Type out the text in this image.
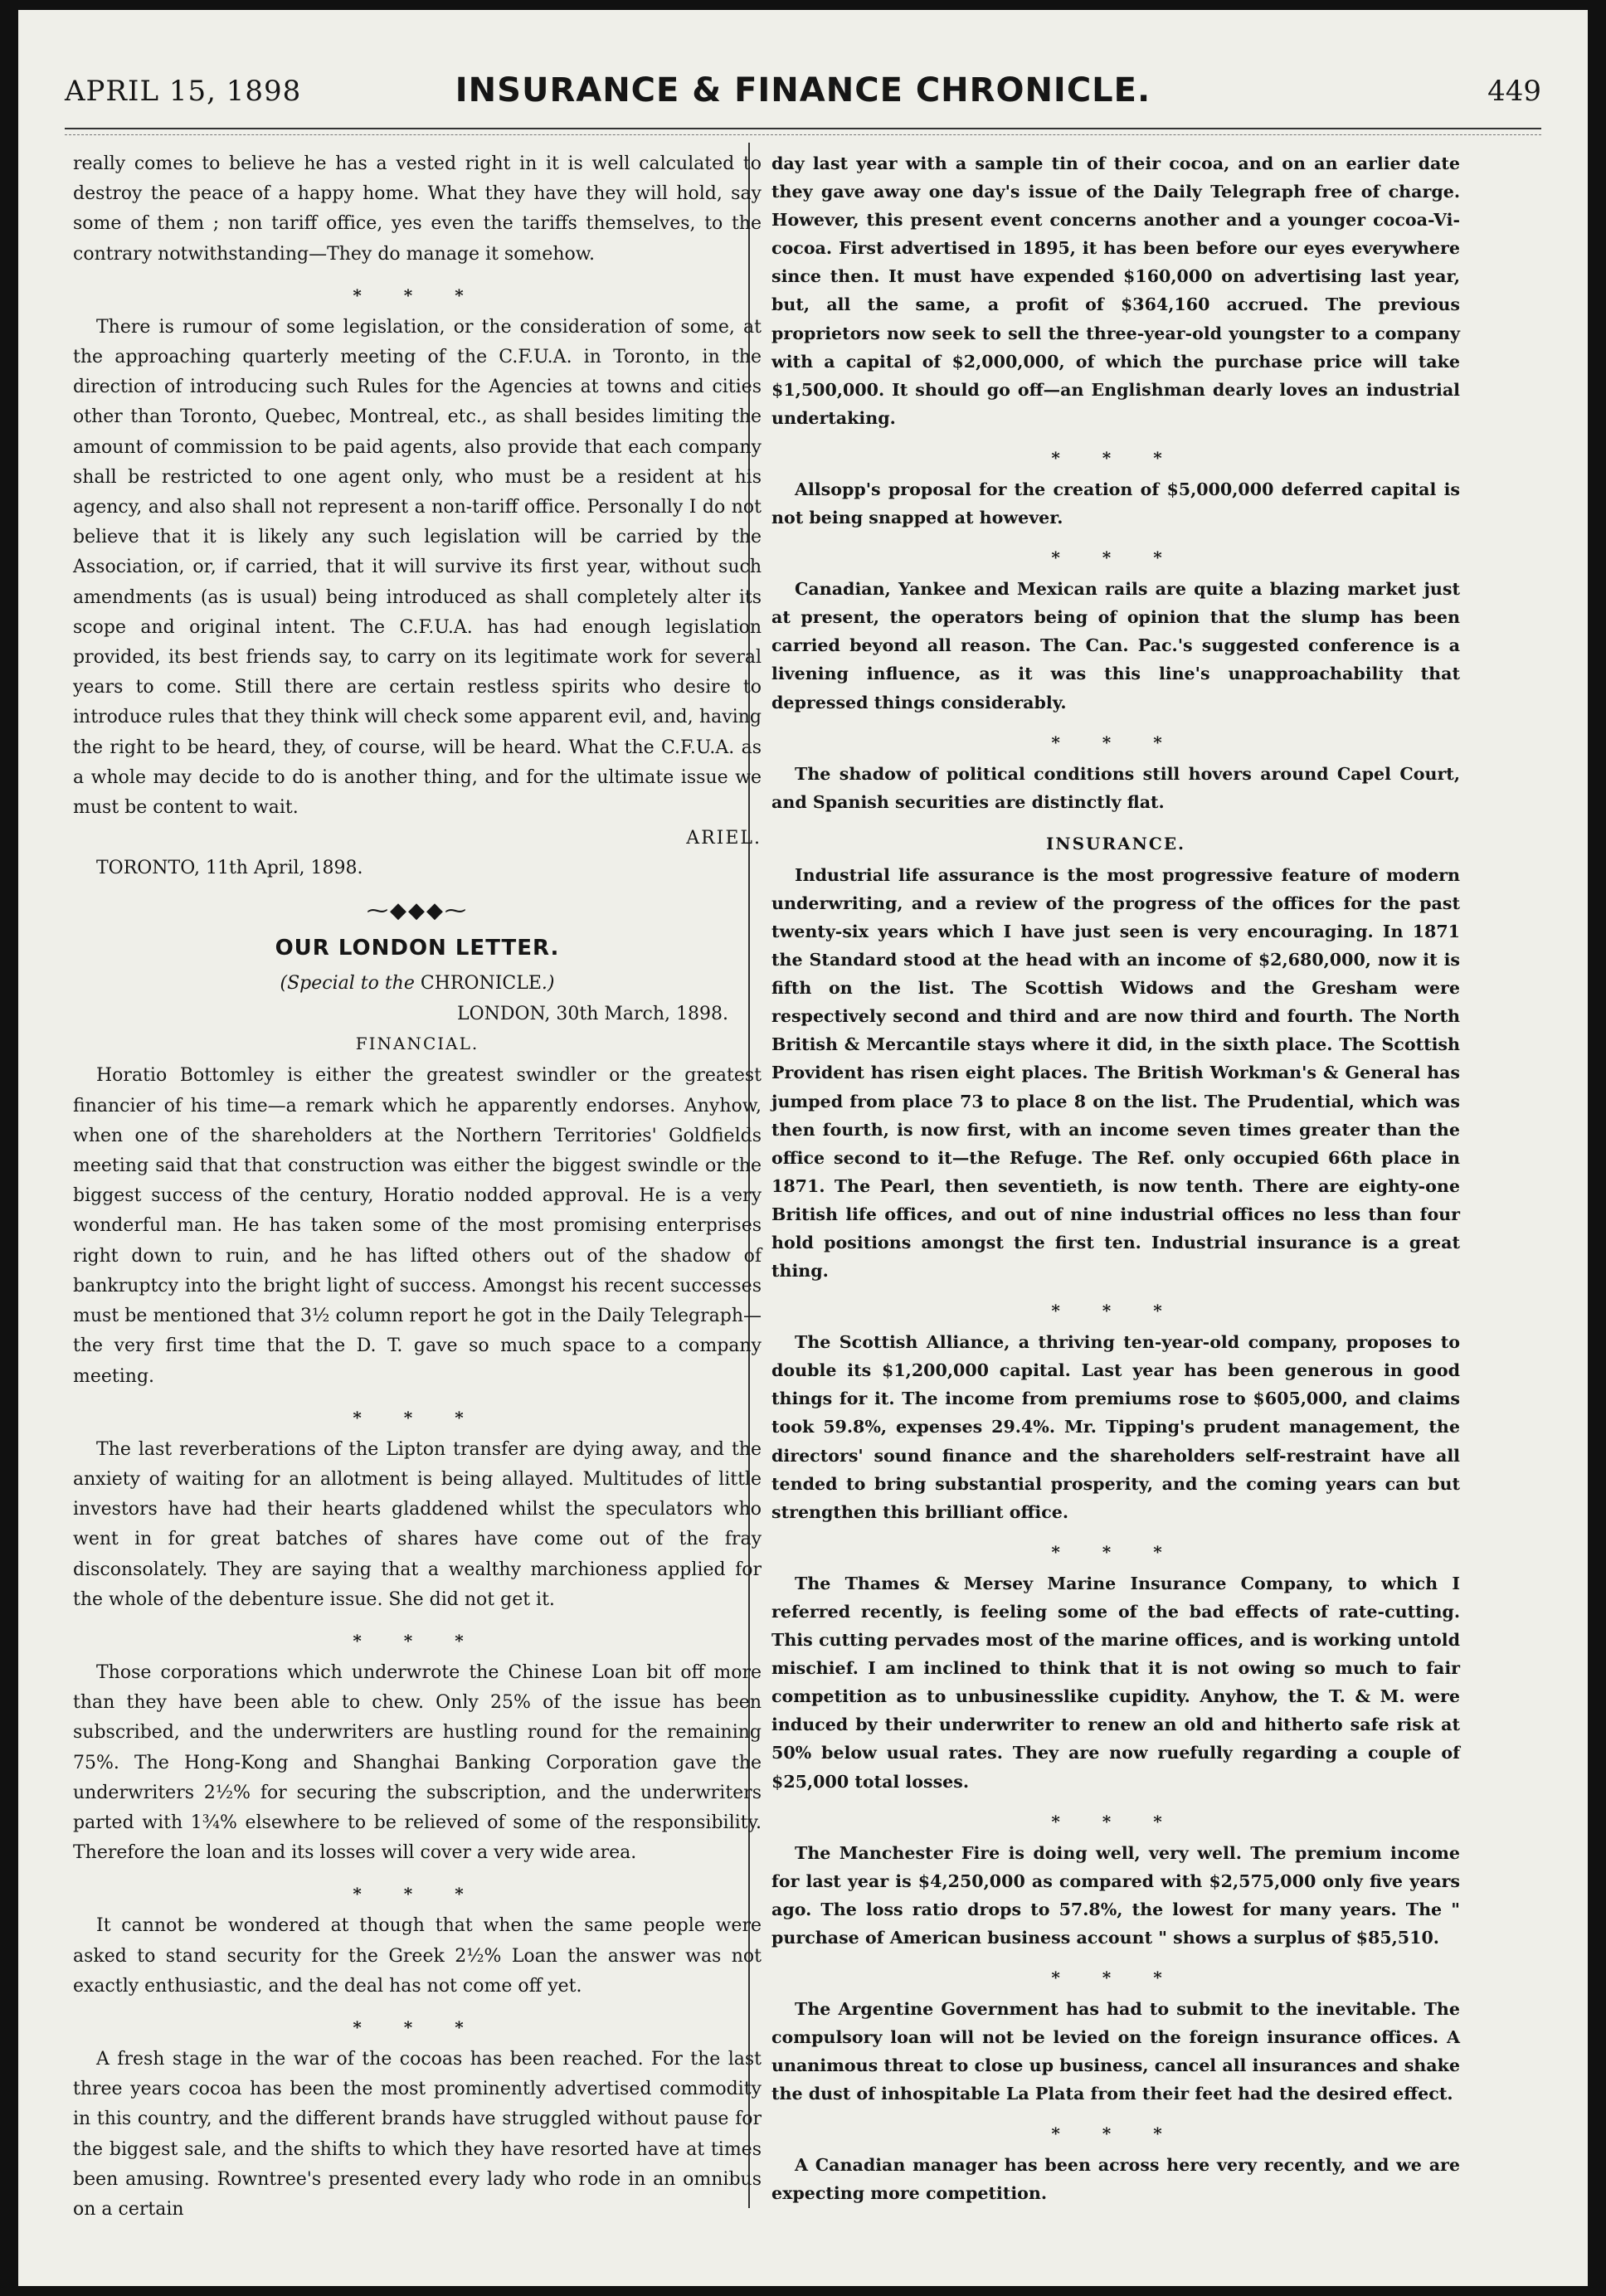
APRIL 15, 1898	INSURANCE & FINANCE CHRONICLE.	449

really comes to believe he has a vested right in it is well calculated to destroy the peace of a happy home. What they have they will hold, say some of them ; non tariff office, yes even the tariffs themselves, to the contrary notwithstanding—They do manage it somehow.

* * *

There is rumour of some legislation, or the consideration of some, at the approaching quarterly meeting of the C.F.U.A. in Toronto, in the direction of introducing such Rules for the Agencies at towns and cities other than Toronto, Quebec, Montreal, etc., as shall besides limiting the amount of commission to be paid agents, also provide that each company shall be restricted to one agent only, who must be a resident at his agency, and also shall not represent a non-tariff office. Personally I do not believe that it is likely any such legislation will be carried by the Association, or, if carried, that it will survive its first year, without such amendments (as is usual) being introduced as shall completely alter its scope and original intent. The C.F.U.A. has had enough legislation provided, its best friends say, to carry on its legitimate work for several years to come. Still there are certain restless spirits who desire to introduce rules that they think will check some apparent evil, and, having the right to be heard, they, of course, will be heard. What the C.F.U.A. as a whole may decide to do is another thing, and for the ultimate issue we must be content to wait.

ARIEL.
TORONTO, 11th April, 1898.
⁓◆◆◆⁓
OUR LONDON LETTER.
(Special to the CHRONICLE.)
LONDON, 30th March, 1898.
FINANCIAL.

Horatio Bottomley is either the greatest swindler or the greatest financier of his time—a remark which he apparently endorses. Anyhow, when one of the shareholders at the Northern Territories' Goldfields meeting said that that construction was either the biggest swindle or the biggest success of the century, Horatio nodded approval. He is a very wonderful man. He has taken some of the most promising enterprises right down to ruin, and he has lifted others out of the shadow of bankruptcy into the bright light of success. Amongst his recent successes must be mentioned that 3½ column report he got in the Daily Telegraph—the very first time that the D. T. gave so much space to a company meeting.

* * *

The last reverberations of the Lipton transfer are dying away, and the anxiety of waiting for an allotment is being allayed. Multitudes of little investors have had their hearts gladdened whilst the speculators who went in for great batches of shares have come out of the fray disconsolately. They are saying that a wealthy marchioness applied for the whole of the debenture issue. She did not get it.

* * *

Those corporations which underwrote the Chinese Loan bit off more than they have been able to chew. Only 25% of the issue has been subscribed, and the underwriters are hustling round for the remaining 75%. The Hong-Kong and Shanghai Banking Corporation gave the underwriters 2½% for securing the subscription, and the underwriters parted with 1¾% elsewhere to be relieved of some of the responsibility. Therefore the loan and its losses will cover a very wide area.

* * *

It cannot be wondered at though that when the same people were asked to stand security for the Greek 2½% Loan the answer was not exactly enthusiastic, and the deal has not come off yet.

* * *

A fresh stage in the war of the cocoas has been reached. For the last three years cocoa has been the most prominently advertised commodity in this country, and the different brands have struggled without pause for the biggest sale, and the shifts to which they have resorted have at times been amusing. Rowntree's presented every lady who rode in an omnibus on a certain

day last year with a sample tin of their cocoa, and on an earlier date they gave away one day's issue of the Daily Telegraph free of charge. However, this present event concerns another and a younger cocoa-Vi-cocoa. First advertised in 1895, it has been before our eyes everywhere since then. It must have expended $160,000 on advertising last year, but, all the same, a profit of $364,160 accrued. The previous proprietors now seek to sell the three-year-old youngster to a company with a capital of $2,000,000, of which the purchase price will take $1,500,000. It should go off—an Englishman dearly loves an industrial undertaking.

* * *

Allsopp's proposal for the creation of $5,000,000 deferred capital is not being snapped at however.

* * *

Canadian, Yankee and Mexican rails are quite a blazing market just at present, the operators being of opinion that the slump has been carried beyond all reason. The Can. Pac.'s suggested conference is a livening influence, as it was this line's unapproachability that depressed things considerably.

* * *

The shadow of political conditions still hovers around Capel Court, and Spanish securities are distinctly flat.

INSURANCE.

Industrial life assurance is the most progressive feature of modern underwriting, and a review of the progress of the offices for the past twenty-six years which I have just seen is very encouraging. In 1871 the Standard stood at the head with an income of $2,680,000, now it is fifth on the list. The Scottish Widows and the Gresham were respectively second and third and are now third and fourth. The North British & Mercantile stays where it did, in the sixth place. The Scottish Provident has risen eight places. The British Workman's & General has jumped from place 73 to place 8 on the list. The Prudential, which was then fourth, is now first, with an income seven times greater than the office second to it—the Refuge. The Ref. only occupied 66th place in 1871. The Pearl, then seventieth, is now tenth. There are eighty-one British life offices, and out of nine industrial offices no less than four hold positions amongst the first ten. Industrial insurance is a great thing.

* * *

The Scottish Alliance, a thriving ten-year-old company, proposes to double its $1,200,000 capital. Last year has been generous in good things for it. The income from premiums rose to $605,000, and claims took 59.8%, expenses 29.4%. Mr. Tipping's prudent management, the directors' sound finance and the shareholders self-restraint have all tended to bring substantial prosperity, and the coming years can but strengthen this brilliant office.

* * *

The Thames & Mersey Marine Insurance Company, to which I referred recently, is feeling some of the bad effects of rate-cutting. This cutting pervades most of the marine offices, and is working untold mischief. I am inclined to think that it is not owing so much to fair competition as to unbusinesslike cupidity. Anyhow, the T. & M. were induced by their underwriter to renew an old and hitherto safe risk at 50% below usual rates. They are now ruefully regarding a couple of $25,000 total losses.

* * *

The Manchester Fire is doing well, very well. The premium income for last year is $4,250,000 as compared with $2,575,000 only five years ago. The loss ratio drops to 57.8%, the lowest for many years. The " purchase of American business account " shows a surplus of $85,510.

* * *

The Argentine Government has had to submit to the inevitable. The compulsory loan will not be levied on the foreign insurance offices. A unanimous threat to close up business, cancel all insurances and shake the dust of inhospitable La Plata from their feet had the desired effect.

* * *

A Canadian manager has been across here very recently, and we are expecting more competition.
